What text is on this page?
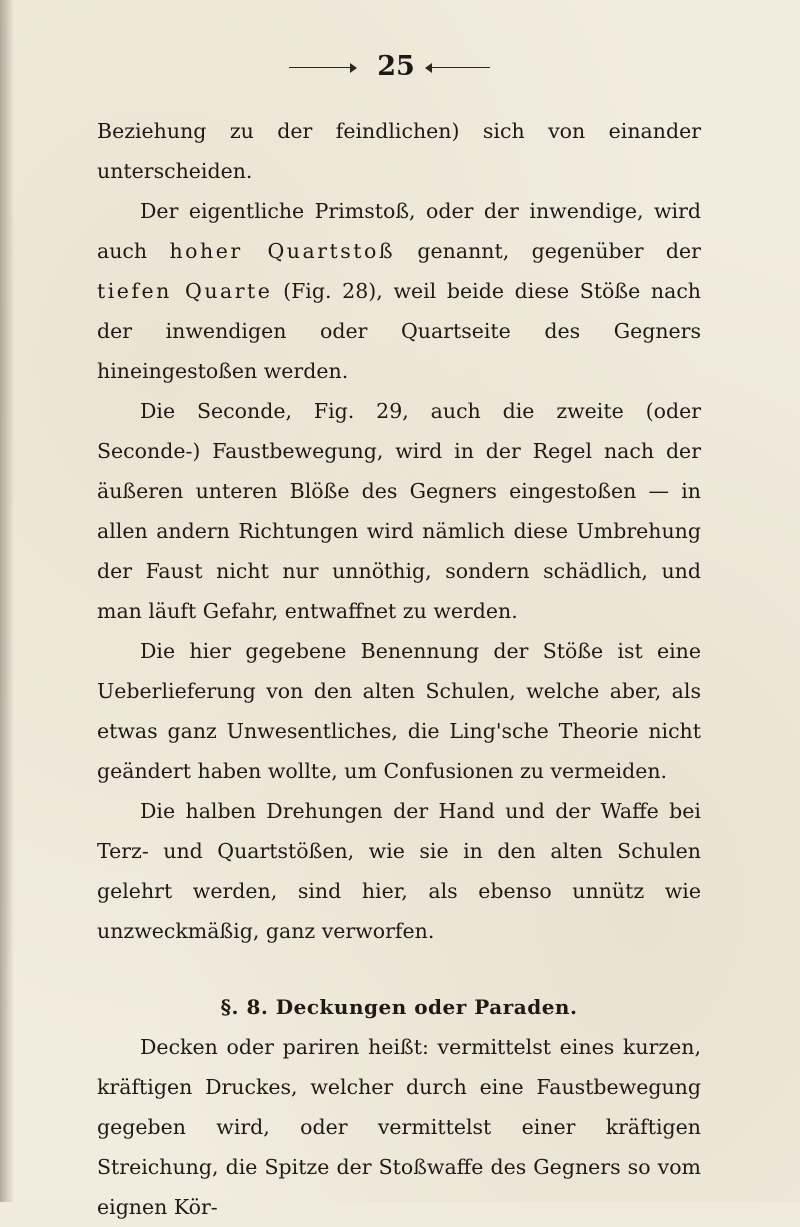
25

Beziehung zu der feindlichen) sich von einander unterscheiden.

Der eigentliche Primstoß, oder der inwendige, wird auch hoher Quartstoß genannt, gegenüber der tiefen Quarte (Fig. 28), weil beide diese Stöße nach der inwendigen oder Quartseite des Gegners hineingestoßen werden.

Die Seconde, Fig. 29, auch die zweite (oder Seconde-) Faustbewegung, wird in der Regel nach der äußeren unteren Blöße des Gegners eingestoßen — in allen andern Richtungen wird nämlich diese Umbrehung der Faust nicht nur unnöthig, sondern schädlich, und man läuft Gefahr, entwaffnet zu werden.

Die hier gegebene Benennung der Stöße ist eine Ueberlieferung von den alten Schulen, welche aber, als etwas ganz Unwesentliches, die Ling'sche Theorie nicht geändert haben wollte, um Confusionen zu vermeiden.

Die halben Drehungen der Hand und der Waffe bei Terz- und Quartstößen, wie sie in den alten Schulen gelehrt werden, sind hier, als ebenso unnütz wie unzweckmäßig, ganz verworfen.

§. 8. Deckungen oder Paraden.

Decken oder pariren heißt: vermittelst eines kurzen, kräftigen Druckes, welcher durch eine Faustbewegung gegeben wird, oder vermittelst einer kräftigen Streichung, die Spitze der Stoßwaffe des Gegners so vom eignen Kör-
